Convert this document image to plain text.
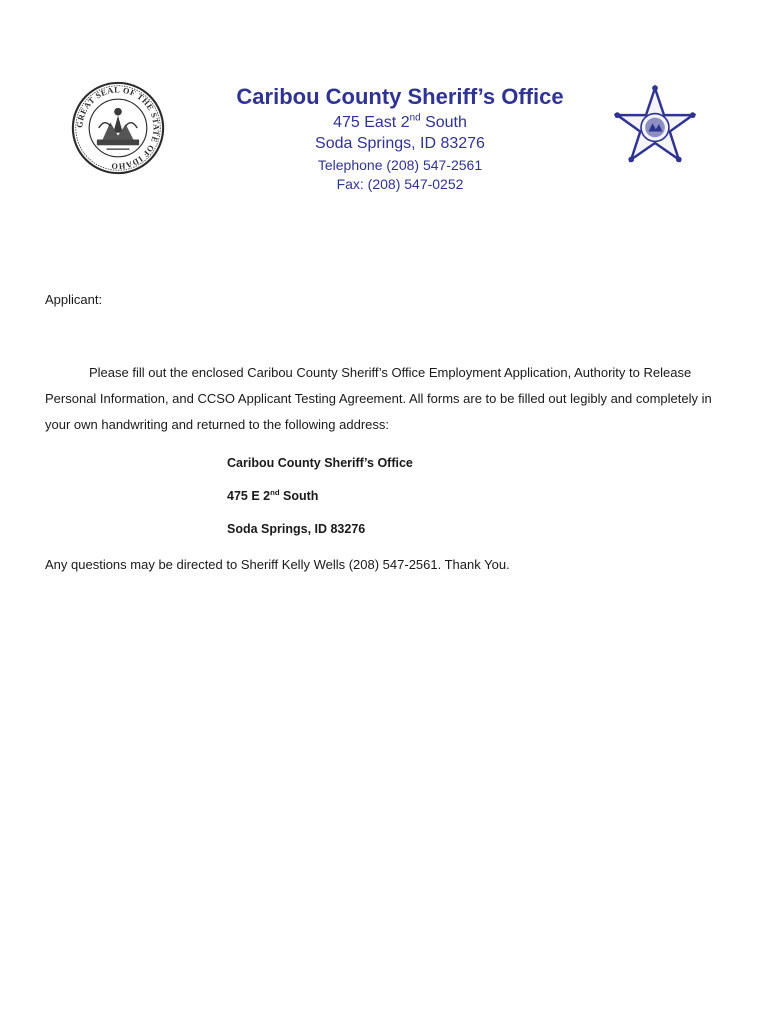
GREAT SEAL OF THE STATE OF IDAHO
Caribou County Sheriff’s Office
475 East 2nd South
Soda Springs, ID 83276
Telephone (208) 547-2561
Fax: (208) 547-0252
Applicant:
Please fill out the enclosed Caribou County Sheriff’s Office Employment Application, Authority to Release Personal Information, and CCSO Applicant Testing Agreement. All forms are to be filled out legibly and completely in your own handwriting and returned to the following address:
Caribou County Sheriff’s Office
475 E 2nd South
Soda Springs, ID 83276
Any questions may be directed to Sheriff Kelly Wells (208) 547-2561. Thank You.
